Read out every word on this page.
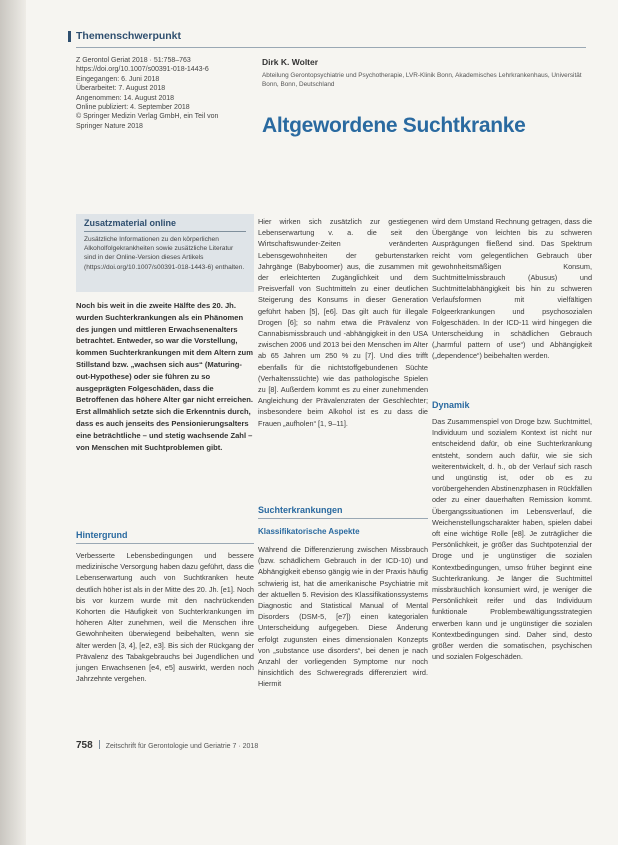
Themenschwerpunkt
Z Gerontol Geriat 2018 · 51:758–763
https://doi.org/10.1007/s00391-018-1443-6
Eingegangen: 6. Juni 2018
Überarbeitet: 7. August 2018
Angenommen: 14. August 2018
Online publiziert: 4. September 2018
© Springer Medizin Verlag GmbH, ein Teil von
Springer Nature 2018
Dirk K. Wolter
Abteilung Gerontopsychiatrie und Psychotherapie, LVR-Klinik Bonn, Akademisches Lehrkrankenhaus, Universität Bonn, Bonn, Deutschland
Altgewordene Suchtkranke
Zusatzmaterial online
Zusätzliche Informationen zu den körperlichen Alkoholfolgekrankheiten sowie zusätzliche Literatur sind in der Online-Version dieses Artikels (https://doi.org/10.1007/s00391-018-1443-6) enthalten.
Noch bis weit in die zweite Hälfte des 20. Jh. wurden Suchterkrankungen als ein Phänomen des jungen und mittleren Erwachsenenalters betrachtet. Entweder, so war die Vorstellung, kommen Suchterkrankungen mit dem Altern zum Stillstand bzw. „wachsen sich aus“ (Maturing-out-Hypothese) oder sie führen zu so ausgeprägten Folgeschäden, dass die Betroffenen das höhere Alter gar nicht erreichen. Erst allmählich setzte sich die Erkenntnis durch, dass es auch jenseits des Pensionierungsalters eine beträchtliche – und stetig wachsende Zahl – von Menschen mit Suchtproblemen gibt.
Hintergrund
Verbesserte Lebensbedingungen und bessere medizinische Versorgung haben dazu geführt, dass die Lebenserwartung auch von Suchtkranken heute deutlich höher ist als in der Mitte des 20. Jh. [e1]. Noch bis vor kurzem wurde mit den nachrückenden Kohorten die Häufigkeit von Suchterkrankungen im höheren Alter zunehmen, weil die Menschen ihre Gewohnheiten überwiegend beibehalten, wenn sie älter werden [3, 4], [e2, e3]. Bis sich der Rückgang der Prävalenz des Tabakgebrauchs bei Jugendlichen und jungen Erwachsenen [e4, e5] auswirkt, werden noch Jahrzehnte vergehen.
Hier wirken sich zusätzlich zur gestiegenen Lebenserwartung v. a. die seit den Wirtschaftswunder-Zeiten veränderten Lebensgewohnheiten der geburtenstarken Jahrgänge (Babyboomer) aus, die zusammen mit der erleichterten Zugänglichkeit und dem Preisverfall von Suchtmitteln zu einer deutlichen Steigerung des Konsums in dieser Generation geführt haben [5], [e6]. Das gilt auch für illegale Drogen [6]; so nahm etwa die Prävalenz von Cannabismissbrauch und -abhängigkeit in den USA zwischen 2006 und 2013 bei den Menschen im Alter ab 65 Jahren um 250 % zu [7]. Und dies trifft ebenfalls für die nichtstoffgebundenen Süchte (Verhaltenssüchte) wie das pathologische Spielen zu [8]. Außerdem kommt es zu einer zunehmenden Angleichung der Prävalenzraten der Geschlechter; insbesondere beim Alkohol ist es zu dass die Frauen „aufholen“ [1, 9–11].
Suchterkrankungen
Klassifikatorische Aspekte
Während die Differenzierung zwischen Missbrauch (bzw. schädlichem Gebrauch in der ICD-10) und Abhängigkeit ebenso gängig wie in der Praxis häufig schwierig ist, hat die amerikanische Psychiatrie mit der aktuellen 5. Revision des Klassifikationssystems Diagnostic and Statistical Manual of Mental Disorders (DSM-5, [e7]) einen kategorialen Unterscheidung aufgegeben. Diese Änderung erfolgt zugunsten eines dimensionalen Konzepts von „substance use disorders“, bei denen je nach Anzahl der vorliegenden Symptome nur noch hinsichtlich des Schweregrads differenziert wird. Hiermit
wird dem Umstand Rechnung getragen, dass die Übergänge von leichten bis zu schweren Ausprägungen fließend sind. Das Spektrum reicht vom gelegentlichen Gebrauch über gewohnheitsmäßigen Konsum, Suchtmittelmissbrauch (Abusus) und Suchtmittelabhängigkeit bis hin zu schweren Verlaufsformen mit vielfältigen Folgeerkrankungen und psychosozialen Folgeschäden. In der ICD-11 wird hingegen die Unterscheidung in schädlichen Gebrauch („harmful pattern of use“) und Abhängigkeit („dependence“) beibehalten werden.
Dynamik
Das Zusammenspiel von Droge bzw. Suchtmittel, Individuum und sozialem Kontext ist nicht nur entscheidend dafür, ob eine Suchterkrankung entsteht, sondern auch dafür, wie sie sich weiterentwickelt, d. h., ob der Verlauf sich rasch und ungünstig ist, oder ob es zu vorübergehenden Abstinenzphasen in Rückfällen oder zu einer dauerhaften Remission kommt. Übergangssituationen im Lebensverlauf, die Weichenstellungscharakter haben, spielen dabei oft eine wichtige Rolle [e8]. Je zuträglicher die Persönlichkeit, je größer das Suchtpotenzial der Droge und je ungünstiger die sozialen Kontextbedingungen, umso früher beginnt eine Suchterkrankung. Je länger die Suchtmittel missbräuchlich konsumiert wird, je weniger die Persönlichkeit reifer und das Individuum funktionale Problembewältigungsstrategien erwerben kann und je ungünstiger die sozialen Kontextbedingungen sind. Daher sind, desto größer werden die somatischen, psychischen und sozialen Folgeschäden.
758 Zeitschrift für Gerontologie und Geriatrie 7 · 2018
